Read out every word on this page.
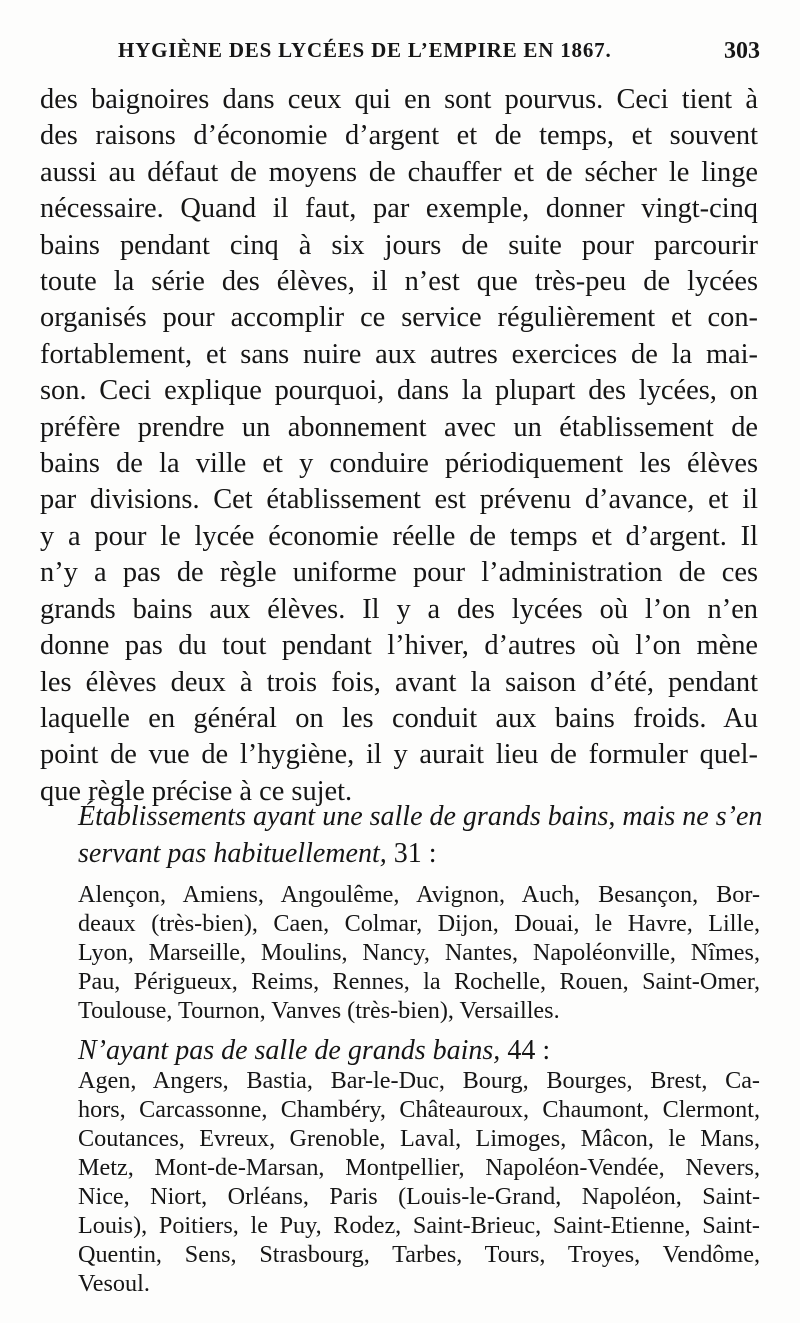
HYGIÈNE DES LYCÉES DE L’EMPIRE EN 1867.	303
des baignoires dans ceux qui en sont pourvus. Ceci tient à
des raisons d’économie d’argent et de temps, et souvent
aussi au défaut de moyens de chauffer et de sécher le linge
nécessaire. Quand il faut, par exemple, donner vingt-cinq
bains pendant cinq à six jours de suite pour parcourir
toute la série des élèves, il n’est que très-peu de lycées
organisés pour accomplir ce service régulièrement et con-
fortablement, et sans nuire aux autres exercices de la mai-
son. Ceci explique pourquoi, dans la plupart des lycées, on
préfère prendre un abonnement avec un établissement de
bains de la ville et y conduire périodiquement les élèves
par divisions. Cet établissement est prévenu d’avance, et il
y a pour le lycée économie réelle de temps et d’argent. Il
n’y a pas de règle uniforme pour l’administration de ces
grands bains aux élèves. Il y a des lycées où l’on n’en
donne pas du tout pendant l’hiver, d’autres où l’on mène
les élèves deux à trois fois, avant la saison d’été, pendant
laquelle en général on les conduit aux bains froids. Au
point de vue de l’hygiène, il y aurait lieu de formuler quel-
que règle précise à ce sujet.
Établissements ayant une salle de grands bains, mais ne s’en
servant pas habituellement, 31 :
Alençon, Amiens, Angoulême, Avignon, Auch, Besançon, Bor-
deaux (très-bien), Caen, Colmar, Dijon, Douai, le Havre, Lille,
Lyon, Marseille, Moulins, Nancy, Nantes, Napoléonville, Nîmes,
Pau, Périgueux, Reims, Rennes, la Rochelle, Rouen, Saint-Omer,
Toulouse, Tournon, Vanves (très-bien), Versailles.
N’ayant pas de salle de grands bains, 44 :
Agen, Angers, Bastia, Bar-le-Duc, Bourg, Bourges, Brest, Ca-
hors, Carcassonne, Chambéry, Châteauroux, Chaumont, Clermont,
Coutances, Evreux, Grenoble, Laval, Limoges, Mâcon, le Mans,
Metz, Mont-de-Marsan, Montpellier, Napoléon-Vendée, Nevers,
Nice, Niort, Orléans, Paris (Louis-le-Grand, Napoléon, Saint-
Louis), Poitiers, le Puy, Rodez, Saint-Brieuc, Saint-Etienne, Saint-
Quentin, Sens, Strasbourg, Tarbes, Tours, Troyes, Vendôme,
Vesoul.
